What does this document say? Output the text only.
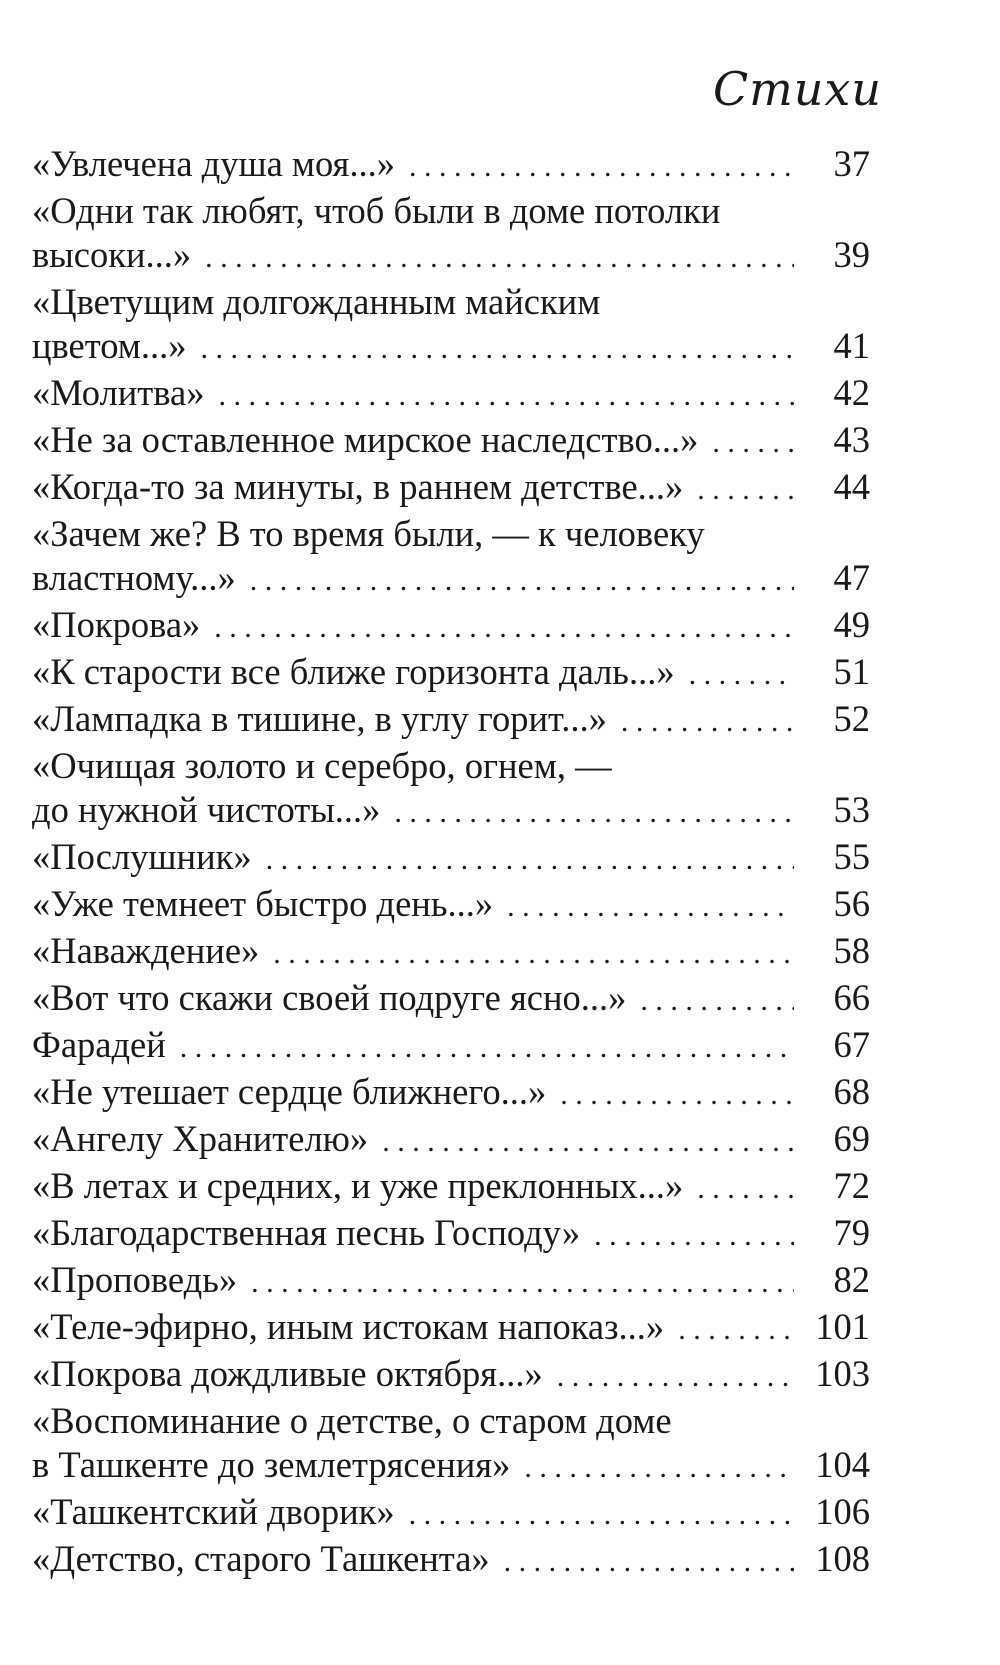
Стихи
«Увлечена душа моя...» . . .	37
«Одни так любят, чтоб были в доме потолки
высоки...» . . .	39
«Цветущим долгожданным майским
цветом...» . . .	41
«Молитва» . . .	42
«Не за оставленное мирское наследство...» . . .	43
«Когда-то за минуты, в раннем детстве...» . . .	44
«Зачем же? В то время были, — к человеку
властному...» . . .	47
«Покрова» . . .	49
«К старости все ближе горизонта даль...» . . .	51
«Лампадка в тишине, в углу горит...» . . .	52
«Очищая золото и серебро, огнем, —
до нужной чистоты...» . . .	53
«Послушник» . . .	55
«Уже темнеет быстро день...» . . .	56
«Наваждение» . . .	58
«Вот что скажи своей подруге ясно...» . . .	66
Фарадей . . .	67
«Не утешает сердце ближнего...» . . .	68
«Ангелу Хранителю» . . .	69
«В летах и средних, и уже преклонных...» . . .	72
«Благодарственная песнь Господу» . . .	79
«Проповедь» . . .	82
«Теле-эфирно, иным истокам напоказ...» . . .	101
«Покрова дождливые октября...» . . .	103
«Воспоминание о детстве, о старом доме
в Ташкенте до землетрясения» . . .	104
«Ташкентский дворик» . . .	106
«Детство, старого Ташкента» . . .	108
